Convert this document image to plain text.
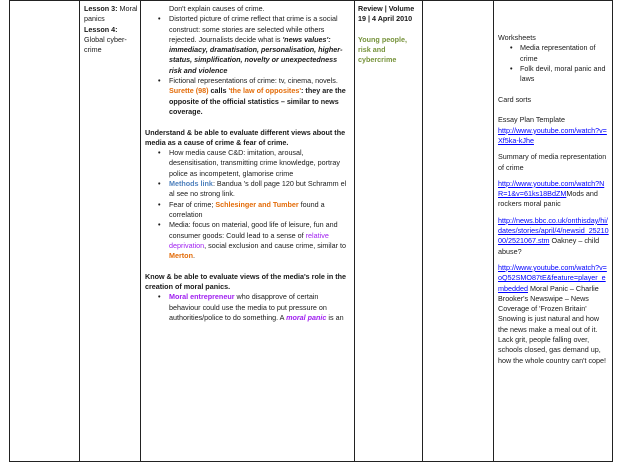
Lesson 3: Moral panics
Lesson 4: Global cyber-crime

Don't explain causes of crime.
• Distorted picture of crime reflect that crime is a social construct: some stories are selected while others rejected. Journalists decide what is 'news values': immediacy, dramatisation, personalisation, higher-status, simplification, novelty or unexpectedness risk and violence
• Fictional representations of crime: tv, cinema, novels. Surette (98) calls 'the law of opposites': they are the opposite of the official statistics – similar to news coverage.
Understand & be able to evaluate different views about the media as a cause of crime & fear of crime.
• How media cause C&D: imitation, arousal, desensitisation, transmitting crime knowledge, portray police as incompetent, glamorise crime
• Methods link: Bandua 's doll page 120 but Schramm el al see no strong link.
• Fear of crime; Schlesinger and Tumber found a correlation
• Media: focus on material, good life of leisure, fun and consumer goods: Could lead to a sense of relative deprivation, social exclusion and cause crime, similar to Merton.
Know & be able to evaluate views of the media's role in the creation of moral panics.
• Moral entrepreneur who disapprove of certain behaviour could use the media to put pressure on authorities/police to do something. A moral panic is an

Review | Volume 19 | 4 April 2010
Young people, risk and cybercrime

Worksheets
• Media representation of crime
• Folk devil, moral panic and laws
Card sorts
Essay Plan Template
http://www.youtube.com/watch?v=Xf5ka-kJhe
Summary of media representation of crime
http://www.youtube.com/watch?NR=1&v=61ks18BdZMMods and rockers moral panic
http://news.bbc.co.uk/onthisday/hi/dates/stories/april/4/newsid_2521000/2521067.stm Oakney – child abuse?
http://www.youtube.com/watch?v=oQ52SMO87tE&feature=player_embedded Moral Panic – Charlie Brooker's Newswipe – News Coverage of 'Frozen Britain' Snowing is just natural and how the news make a meal out of it. Lack grit, people falling over, schools closed, gas demand up, how the whole country can't cope!
